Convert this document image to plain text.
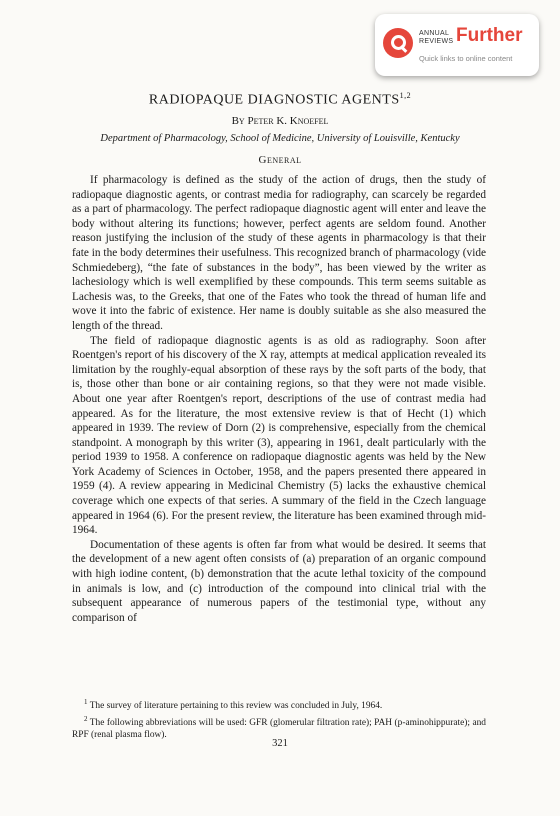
ANNUAL
REVIEWS Further
Quick links to online content
RADIOPAQUE DIAGNOSTIC AGENTS$^{1,2}$
By Peter K. Knoefel
Department of Pharmacology, School of Medicine, University of Louisville, Kentucky
General

If pharmacology is defined as the study of the action of drugs, then the study of radiopaque diagnostic agents, or contrast media for radiography, can scarcely be regarded as a part of pharmacology. The perfect radiopaque diagnostic agent will enter and leave the body without altering its functions; however, perfect agents are seldom found. Another reason justifying the inclusion of the study of these agents in pharmacology is that their fate in the body determines their usefulness. This recognized branch of pharmacology (vide Schmiedeberg), “the fate of substances in the body”, has been viewed by the writer as lachesiology which is well exemplified by these compounds. This term seems suitable as Lachesis was, to the Greeks, that one of the Fates who took the thread of human life and wove it into the fabric of existence. Her name is doubly suitable as she also measured the length of the thread.

The field of radiopaque diagnostic agents is as old as radiography. Soon after Roentgen's report of his discovery of the X ray, attempts at medical application revealed its limitation by the roughly-equal absorption of these rays by the soft parts of the body, that is, those other than bone or air containing regions, so that they were not made visible. About one year after Roentgen's report, descriptions of the use of contrast media had appeared. As for the literature, the most extensive review is that of Hecht (1) which appeared in 1939. The review of Dorn (2) is comprehensive, especially from the chemical standpoint. A monograph by this writer (3), appearing in 1961, dealt particularly with the period 1939 to 1958. A conference on radiopaque diagnostic agents was held by the New York Academy of Sciences in October, 1958, and the papers presented there appeared in 1959 (4). A review appearing in Medicinal Chemistry (5) lacks the exhaustive chemical coverage which one expects of that series. A summary of the field in the Czech language appeared in 1964 (6). For the present review, the literature has been examined through mid-1964.

Documentation of these agents is often far from what would be desired. It seems that the development of a new agent often consists of (a) preparation of an organic compound with high iodine content, (b) demonstration that the acute lethal toxicity of the compound in animals is low, and (c) introduction of the compound into clinical trial with the subsequent appearance of numerous papers of the testimonial type, without any comparison of

$^1$ The survey of literature pertaining to this review was concluded in July, 1964.

$^2$ The following abbreviations will be used: GFR (glomerular filtration rate); PAH (p-aminohippurate); and RPF (renal plasma flow).

321
